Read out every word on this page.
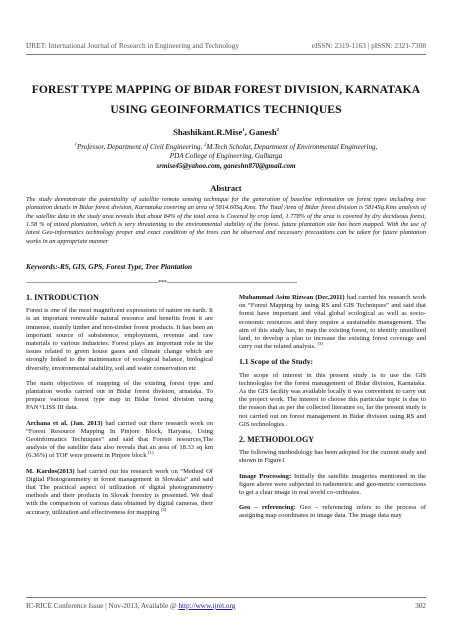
IJRET: International Journal of Research in Engineering and Technology	eISSN: 2319-1163 | pISSN: 2321-7308
FOREST TYPE MAPPING OF BIDAR FOREST DIVISION, KARNATAKA
USING GEOINFORMATICS TECHNIQUES
Shashikant.R.Mise$^1$, Ganesh$^2$
$^1$Professor, Department of Civil Engineering, $^2$M.Tech Scholar, Department of Environmental Engineering,
PDA College of Engineering, Gulbarga
srmise45@yahoo.com, ganeshn870@gmail.com
Abstract
The study demonstrate the potentiality of satellite remote sensing technique for the generation of baseline information on forest types including tree plantation details in Bidar forest division, Karnataka covering an area of 5814.60Sq.Kms. The Total Area of Bidar forest division is 5814Sq.Kms analysis of the satellite data in the study area reveals that about 84% of the total area is Covered by crop land, 1.778% of the area is covered by dry deciduous forest, 1.58 % of mixed plantation, which is very threatening to the environmental stability of the forest. future plantation site has been mapped. With the use of latest Geo-informatics technology proper and exact condition of the trees can be observed and necessary precautions can be taken for future plantation works in an appropriate manner
Keywords:-RS, GIS, GPS, Forest Type, Tree Plantation
-----------------------------------------------------------------------***----------------------------------------------------------------------
1. INTRODUCTION

Forest is one of the most magnificent expressions of nature on earth. It is an important renewable natural resource and benefits from it are immense, mainly timber and non-timber forest products. It has been an important source of subsistence, employment, revenue and raw materials to various industries. Forest plays an important role in the issues related to green house gases and climate change which are strongly linked to the maintenance of ecological balance, biological diversity, environmental stability, soil and water conservation etc

The main objectives of mapping of the existing forest type and plantation works carried out in Bidar forest division, arnataka. To prepare various forest type map in Bidar forest division using PAN+LISS III data.

Archana et al, (Jan. 2013) had carried out there research work on “Forest Resource Mapping In Pinjore Block, Haryana, Using Geoinformatics Techniques” and said that Forests resources,The analysis of the satellite data also reveals that an area of 18.33 sq km (6.36%) of TOF were present in Pinjore block [1]

M. Kardos(2013) had carried out his research work on “Method Of Digital Photogrammetry in forest management in Slovakia” and said that The practical aspect of utilization of digital photogrammetry methods and their products in Slovak forestry is presented. We deal with the comparison of various data obtained by digital cameras, their accuracy, utilization and effectiveness for mapping [2]

Muhammad Asim Rizwan (Dec,2011) had carried his research work on “Forest Mapping by using RS and GIS Techniques” and said that forest have important and vital global ecological as well as socio-economic resources and they require a sustainable management. The aim of this study has, to map the existing forest, to identify unutilized land, to develop a plan to increase the existing forest coverage and carry out the related analysis. [3]

1.1 Scope of the Study:

The scope of interest in this present study is to use the GIS technologies for the forest management of Bidar division, Karnataka. As the GIS facility was available locally it was convenient to carry out the project work. The interest to choose this particular topic is due to the reason that as per the collected literature so, far the present study is not carried out on forest management in Bidar division using RS and GIS technologies.

2. METHODOLOGY

The following methodology has been adopted for the current study and shown in Figure1

Image Processing: Initially the satellite imageries mentioned in the figure above were subjected to radiometric and geo-metric corrections to get a clear image in real world co-ordinates.

Geo – referencing: Geo – referencing refers to the process of assigning map coordinates to image data. The image data may

IC-RICE Conference Issue | Nov-2013, Available @ http://www.ijret.org	302
